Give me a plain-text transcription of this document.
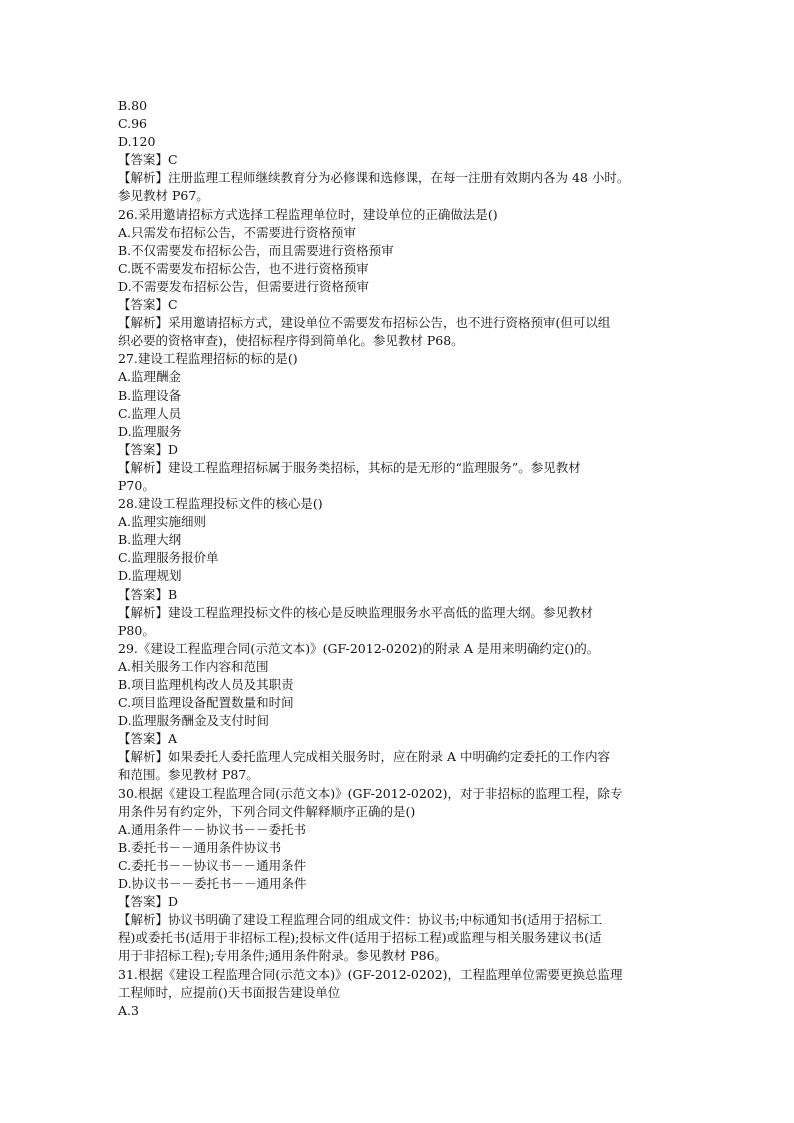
B.80
C.96
D.120
【答案】C
【解析】注册监理工程师继续教育分为必修课和选修课，在每一注册有效期内各为 48 小时。
参见教材 P67。
26.采用邀请招标方式选择工程监理单位时，建设单位的正确做法是()
A.只需发布招标公告，不需要进行资格预审
B.不仅需要发布招标公告，而且需要进行资格预审
C.既不需要发布招标公告，也不进行资格预审
D.不需要发布招标公告，但需要进行资格预审
【答案】C
【解析】采用邀请招标方式，建设单位不需要发布招标公告，也不进行资格预审(但可以组
织必要的资格审查)，使招标程序得到简单化。参见教材 P68。
27.建设工程监理招标的标的是()
A.监理酬金
B.监理设备
C.监理人员
D.监理服务
【答案】D
【解析】建设工程监理招标属于服务类招标，其标的是无形的“监理服务”。参见教材
P70。
28.建设工程监理投标文件的核心是()
A.监理实施细则
B.监理大纲
C.监理服务报价单
D.监理规划
【答案】B
【解析】建设工程监理投标文件的核心是反映监理服务水平高低的监理大纲。参见教材
P80。
29.《建设工程监理合同(示范文本)》(GF-2012-0202)的附录 A 是用来明确约定()的。
A.相关服务工作内容和范围
B.项目监理机构改人员及其职责
C.项目监理设备配置数量和时间
D.监理服务酬金及支付时间
【答案】A
【解析】如果委托人委托监理人完成相关服务时，应在附录 A 中明确约定委托的工作内容
和范围。参见教材 P87。
30.根据《建设工程监理合同(示范文本)》(GF-2012-0202)，对于非招标的监理工程，除专
用条件另有约定外，下列合同文件解释顺序正确的是()
A.通用条件－－协议书－－委托书
B.委托书－－通用条件协议书
C.委托书－－协议书－－通用条件
D.协议书－－委托书－－通用条件
【答案】D
【解析】协议书明确了建设工程监理合同的组成文件：协议书;中标通知书(适用于招标工
程)或委托书(适用于非招标工程);投标文件(适用于招标工程)或监理与相关服务建议书(适
用于非招标工程);专用条件;通用条件附录。参见教材 P86。
31.根据《建设工程监理合同(示范文本)》(GF-2012-0202)，工程监理单位需要更换总监理
工程师时，应提前()天书面报告建设单位
A.3
